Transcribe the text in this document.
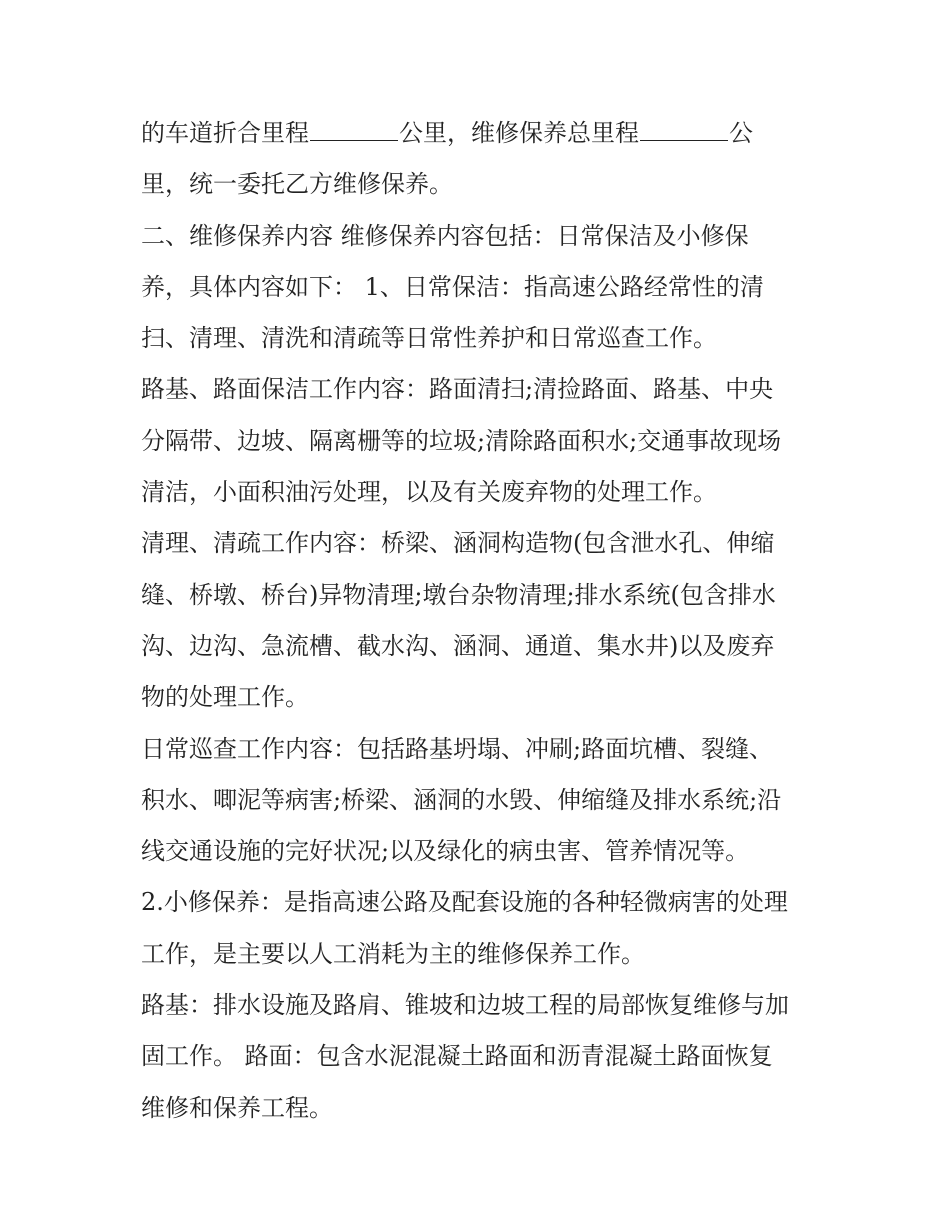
的车道折合里程	公里，维修保养总里程	公
里，统一委托乙方维修保养。
二、维修保养内容 维修保养内容包括：日常保洁及小修保
养，具体内容如下： 1、日常保洁：指高速公路经常性的清
扫、清理、清洗和清疏等日常性养护和日常巡查工作。
路基、路面保洁工作内容：路面清扫;清捡路面、路基、中央
分隔带、边坡、隔离栅等的垃圾;清除路面积水;交通事故现场
清洁，小面积油污处理，以及有关废弃物的处理工作。
清理、清疏工作内容：桥梁、涵洞构造物(包含泄水孔、伸缩
缝、桥墩、桥台)异物清理;墩台杂物清理;排水系统(包含排水
沟、边沟、急流槽、截水沟、涵洞、通道、集水井)以及废弃
物的处理工作。
日常巡查工作内容：包括路基坍塌、冲刷;路面坑槽、裂缝、
积水、唧泥等病害;桥梁、涵洞的水毁、伸缩缝及排水系统;沿
线交通设施的完好状况;以及绿化的病虫害、管养情况等。
2.小修保养：是指高速公路及配套设施的各种轻微病害的处理
工作，是主要以人工消耗为主的维修保养工作。
路基：排水设施及路肩、锥坡和边坡工程的局部恢复维修与加
固工作。 路面：包含水泥混凝土路面和沥青混凝土路面恢复
维修和保养工程。
